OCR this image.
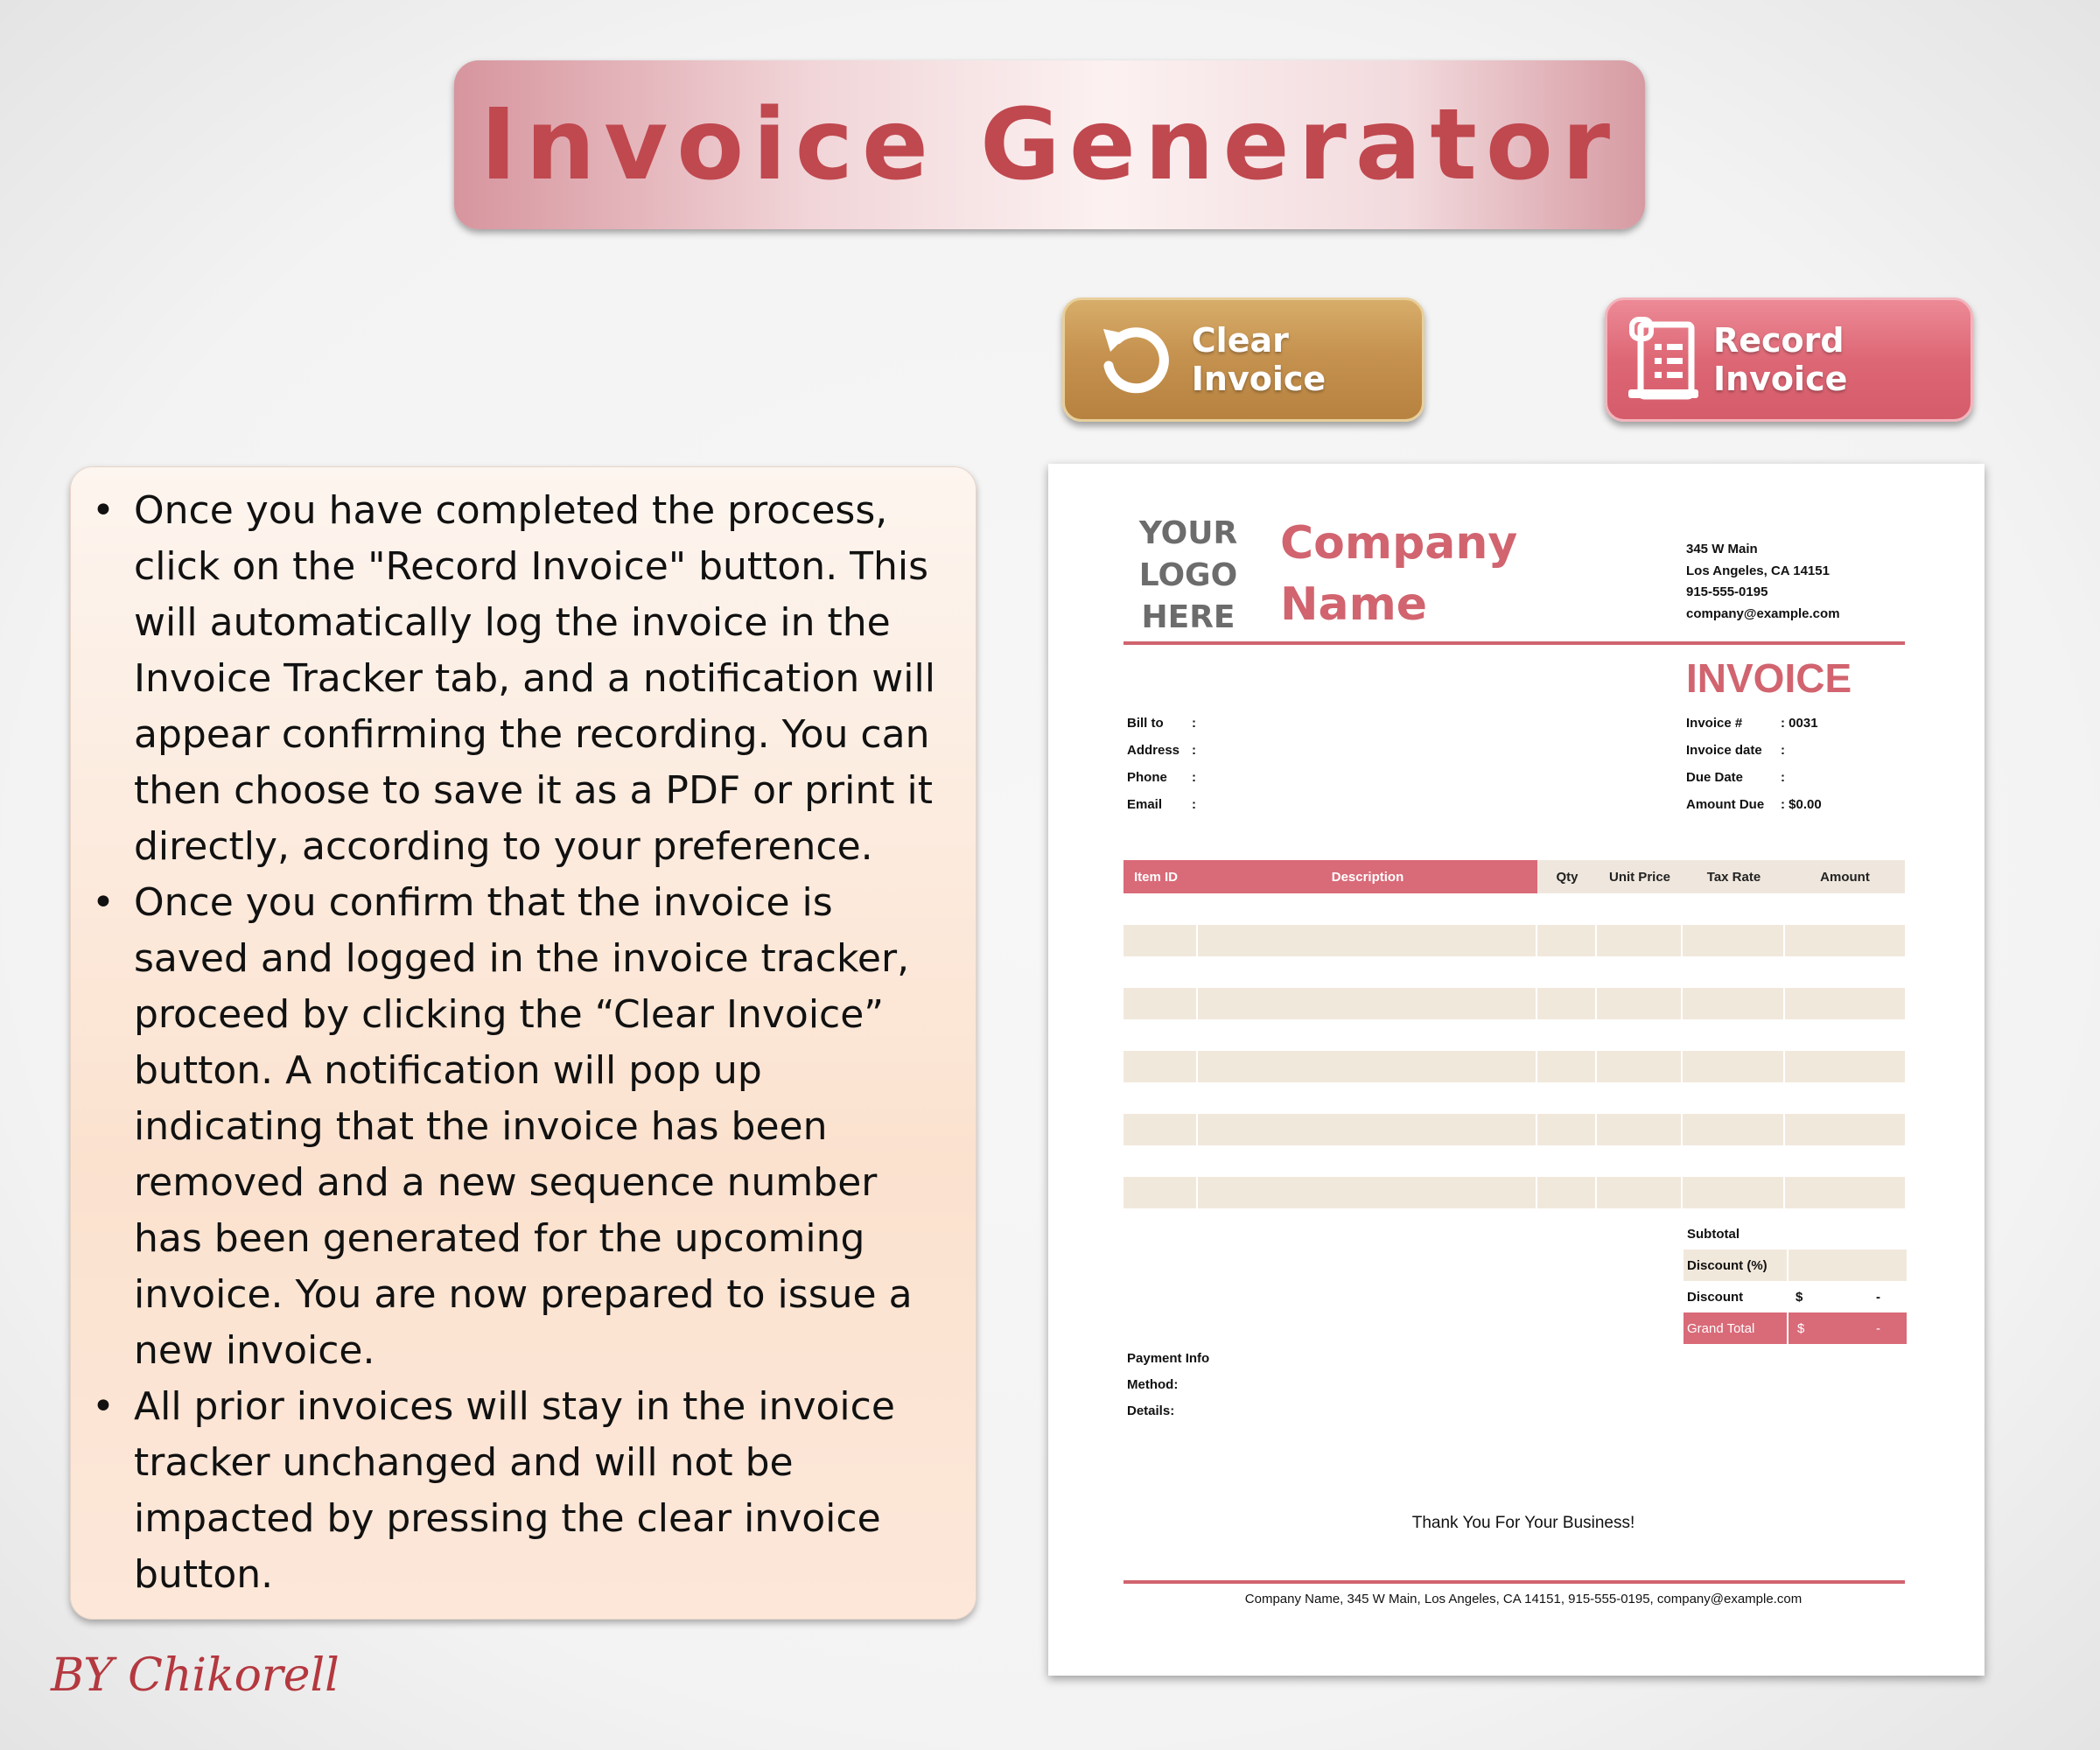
Invoice Generator
Clear Invoice
Record Invoice
• Once you have completed the process, click on the "Record Invoice" button. This will automatically log the invoice in the Invoice Tracker tab, and a notification will appear confirming the recording. You can then choose to save it as a PDF or print it directly, according to your preference.
• Once you confirm that the invoice is saved and logged in the invoice tracker, proceed by clicking the “Clear Invoice” button. A notification will pop up indicating that the invoice has been removed and a new sequence number has been generated for the upcoming invoice. You are now prepared to issue a new invoice.
• All prior invoices will stay in the invoice tracker unchanged and will not be impacted by pressing the clear invoice button.
BY Chikorell
YOUR
LOGO
HERE
Company
Name
345 W Main
Los Angeles, CA 14151
915-555-0195
company@example.com
INVOICE
Bill to	:
Address :
Phone	:
Email	:
Invoice #	: 0031
Invoice date	:
Due Date	:
Amount Due	: $0.00
Item ID	Description	Qty	Unit Price	Tax Rate	Amount
Subtotal
Discount (%)
Discount	$	-
Grand Total	$	-
Payment Info
Method:
Details:
Thank You For Your Business!
Company Name, 345 W Main, Los Angeles, CA 14151, 915-555-0195, company@example.com
